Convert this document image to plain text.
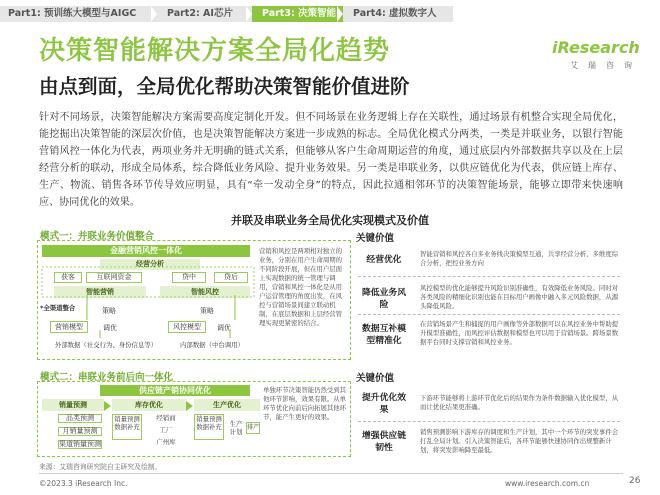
Part1: 预训练大模型与AIGC	Part2: AI芯片	Part3: 决策智能	Part4: 虚拟数字人
决策智能解决方案全局化趋势
由点到面，全局优化帮助决策智能价值进阶
iResearch
艾瑞咨询
针对不同场景，决策智能解决方案需要高度定制化开发。但不同场景在业务逻辑上存在关联性，通过场景有机整合实现全局优化，能挖掘出决策智能的深层次价值，也是决策智能解决方案进一步成熟的标志。全局优化模式分两类，一类是并联业务，以银行智能营销风控一体化为代表，两项业务并无明确的链式关系，但能够从客户生命周期运营的角度，通过底层内外部数据共享以及在上层经营分析的联动，形成全局体系，综合降低业务风险、提升业务效果。另一类是串联业务，以供应链优化为代表，供应链上库存、生产、物流、销售各环节传导效应明显，具有“牵一发动全身”的特点，因此拉通相邻环节的决策智能场景，能够立即带来快速响应、协同优化的效果。
并联及串联业务全局优化实现模式及价值
模式一：并联业务价值整合
金融营销风控一体化
经营分析
获客	互联网资金	贷中	贷后
智能营销	智能风控
*全渠道整合	策略	策略
营销模型	调优	风控模型	调优
外部数据（社交行为、身份信息等）	内部数据（中台调用）
营销和风控是两项相对独立的业务，分别在用户生命周期的不同阶段开展，但在用户层面上实现数据的统一管理与调用，营销和风控一体化是从用户运营管理的角度出发，在风控与营销场景间建立联动机制，在底层数据和上层经营管理实现更紧密的结合。
模式二：串联业务前后向一体化
供应链产销协同优化
销量预测
品类预测
月销量预测
渠道销量预测
库存优化
销量预测数据补充
经销商
工厂
广州库
生产优化
销量预测数据补充	生产计划
排产
单独环节决策智能仍然受到其他环节影响，效果有限。从单环节优化向前后向拓展其他环节，能产生更好的效果。
关键价值
经营优化
智能营销和风控各自多业务线决策模型互通，共享经营分析，多维度综合分析，把控业务方向
降低业务风险
风控模型的优化能够提升风险识别准确性，有效降低业务风险。同时对各类风险的精细化识别也能在目标用户画像中融入多元风险数据，从源头降低风险。
数据互补模型精准化
在营销场景产生和捕捉的用户画像等外部数据可以在风控业务中帮助提升模型准确性，而风控评估数据和模型也可以用于营销场景。跨场景数据平台同时支撑营销和风控业务。
关键价值
提升优化效果
下游环节能够将上游环节优化后的结果作为条件数据输入优化模型，从而让优化结果更准确。
增强供应链韧性
销售预测影响下游库存的调度和生产计划，其中一个环节的突发事件会打乱全局计划。引入决策智能后，各环节能够快速协同作出规整新计划，将突发影响降至最低。
来源：艾瑞咨询研究院自主研究及绘制。
©2023.3 iResearch Inc.	www.iresearch.com.cn	26
